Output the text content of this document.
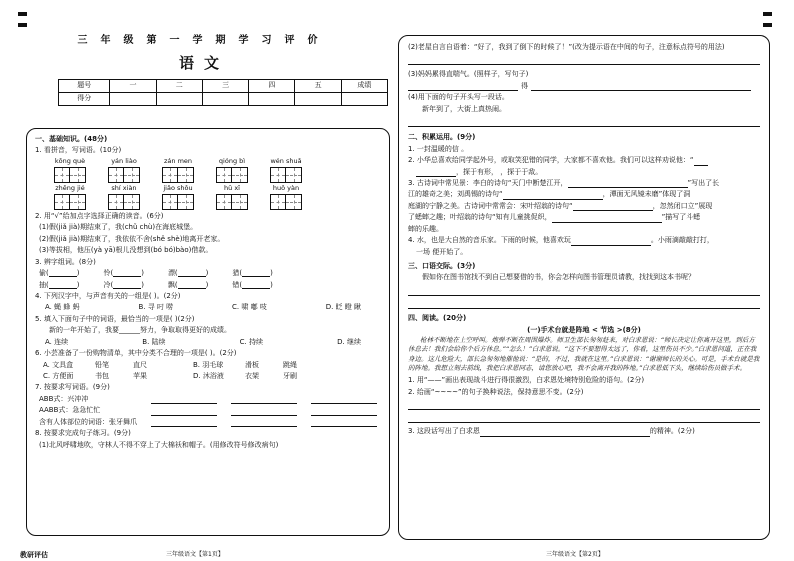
三年级第一学期学习评价
语文
题号	一	二	三	四	五	成绩
得分						
一、基础知识。(48分)
1. 看拼音，写词语。(10分)
kōng què	yán liào	zán men	qióng bì	wén shuǎ
zhēng jié	shí xiàn	jiǎo shǒu	hū xī	huǒ yàn
2. 用“√”给加点字选择正确的读音。(6分)
(1)假(jiǎ jià)期结束了，我(chǔ chù)在海底城堡。
(2)假(jiǎ jià)期结束了，我依依不舍(shě shè)地离开老家。
(3)等拔相，他压(yà yā)根儿没想到(bó bó)bào)借款。
3. 辨字组词。(8分)
偷(	)	怜(	)	漂(	)	猎(	)
抽(	)	冷(	)	飘(	)	错(	)
4. 下列汉字中，与声音有关的一组是( )。(2分)
A. 蝇 蜂 蚂	B. 寻 叼 唠	C. 啸 嘟 吱	D. 眨 瞪 瞅
5. 填入下面句子中的词语，最恰当的一项是( )(2分)
新的一年开始了，我要______努力，争取取得更好的成绩。
A. 连续	B. 陆续	C. 持续	D. 继续
6. 小芸准备了一份购物清单，其中分类不合理的一项是( )。(2分)
A. 文具盒	铅笔	直尺	B. 羽毛球	滑板	跳绳
C. 方便面	书包	苹果	D. 沐浴液	衣架	牙刷
7. 按要求写词语。(9分)
ABB式：兴冲冲
AABB式：急急忙忙
含有人体部位的词语：张牙舞爪
8. 按要求完成句子练习。(9分)
(1)北风呼啸地吹，守林人不得不穿上了大棉袄和帽子。(用修改符号修改病句)
教研评估	三年级语文【第1页】
(2)老屋自言自语着：“好了，我到了倒下的时候了！”(改为提示语在中间的句子，注意标点符号的用法)
(3)妈妈累得直喘气。(照样子，写句子)
得
(4)用下面的句子开头写一段话。
新年到了，大街上真热闹。
二、积累运用。(9分)
1. 一封温暖的信 。
2. 小华总喜欢给同学起外号，或取笑犯错的同学，大家都不喜欢他。我们可以这样劝说他：“
，探于有形， ，探于于敌。
3. 古诗词中常见景：李白的诗句“天门中断楚江开，	”写出了长
江的雄奇之美；刘禹锡的诗句“	，潭面无风镜未磨”体现了洞
庭湖的宁静之美。古诗词中常常会：宋叶绍翁的诗句“	，忽然闭口立”展现
了蟋蟀之趣；叶绍翁的诗句“知有儿童挑促织，	”描写了斗蟋
蟀的乐趣。
4. 水，也是大自然的音乐家。下雨的时候，他喜欢玩	。小雨滴敲敲打打，
一场 便开始了。
三、口语交际。(3分)
假如你在图书馆找不到自己想要借的书，你会怎样向图书管理员请教，找找到这本书呢？
四、阅读。(20分)
(一)手术台就是阵地 < 节选 >(8分)
枪林不断地在上空呼叫。炮弹不断在周围爆炸。师卫生部长匆匆赶来，对白求恩说：“师长决定让你离开这里，到后方休息去！我们会给你个后方休息。”“怎么！”白求恩说。“这下不要想得太远了，你看，这里伤员不少。”白求恩问道，正在我身边。这儿危险大，部长急匆匆地催他说：“是的，不过，我就在这里。”白求恩说：“谢谢师长的关心。可是，手术台就是我的阵地。我想立刻去前线，我把白求恩同志，请您放心吧，我不会离开我的阵地。”白求恩低下头，继续给伤员做手术。
1. 用“——”画出表现战斗进行得很激烈，白求恩处境特别危险的语句。(2分)
2. 给画“~~~~”的句子换种说法，保持意思不变。(2分)
3. 这段话写出了白求恩	的精神。(2分)
三年级语文【第2页】
